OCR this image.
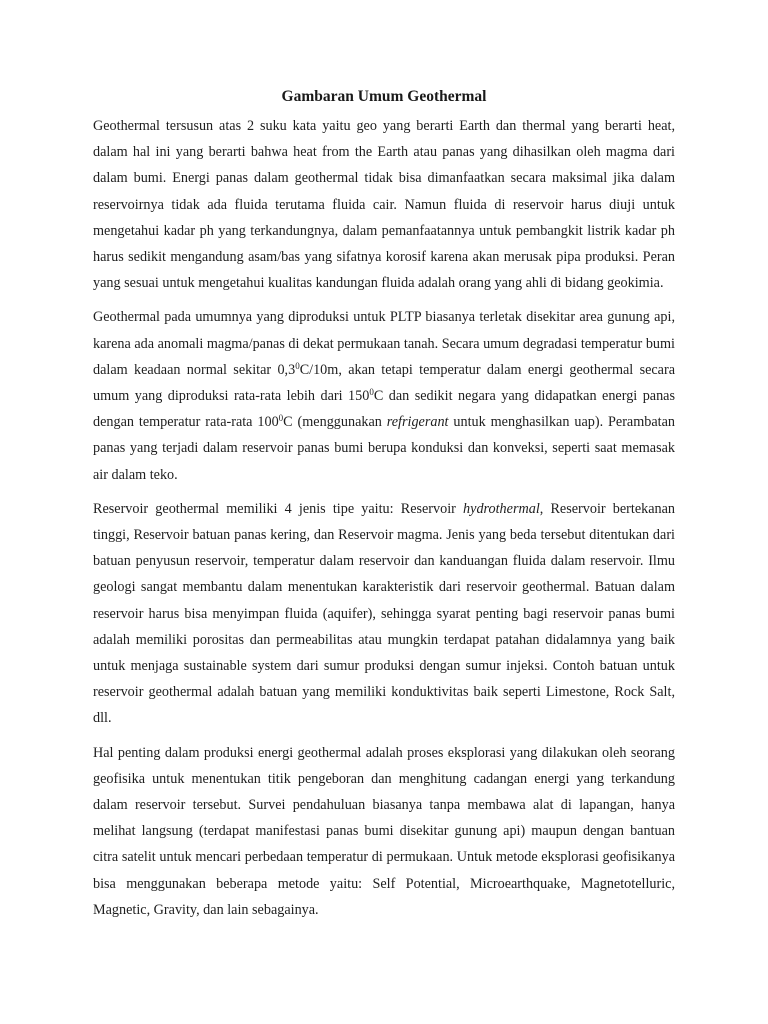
Gambaran Umum Geothermal

Geothermal tersusun atas 2 suku kata yaitu geo yang berarti Earth dan thermal yang berarti heat, dalam hal ini yang berarti bahwa heat from the Earth atau panas yang dihasilkan oleh magma dari dalam bumi. Energi panas dalam geothermal tidak bisa dimanfaatkan secara maksimal jika dalam reservoirnya tidak ada fluida terutama fluida cair. Namun fluida di reservoir harus diuji untuk mengetahui kadar ph yang terkandungnya, dalam pemanfaatannya untuk pembangkit listrik kadar ph harus sedikit mengandung asam/bas yang sifatnya korosif karena akan merusak pipa produksi. Peran yang sesuai untuk mengetahui kualitas kandungan fluida adalah orang yang ahli di bidang geokimia.

Geothermal pada umumnya yang diproduksi untuk PLTP biasanya terletak disekitar area gunung api, karena ada anomali magma/panas di dekat permukaan tanah. Secara umum degradasi temperatur bumi dalam keadaan normal sekitar $0,3^0C/10m$, akan tetapi temperatur dalam energi geothermal secara umum yang diproduksi rata-rata lebih dari $150^0C$ dan sedikit negara yang didapatkan energi panas dengan temperatur rata-rata $100^0C$ (menggunakan refrigerant untuk menghasilkan uap). Perambatan panas yang terjadi dalam reservoir panas bumi berupa konduksi dan konveksi, seperti saat memasak air dalam teko.

Reservoir geothermal memiliki 4 jenis tipe yaitu: Reservoir hydrothermal, Reservoir bertekanan tinggi, Reservoir batuan panas kering, dan Reservoir magma. Jenis yang beda tersebut ditentukan dari batuan penyusun reservoir, temperatur dalam reservoir dan kanduangan fluida dalam reservoir. Ilmu geologi sangat membantu dalam menentukan karakteristik dari reservoir geothermal. Batuan dalam reservoir harus bisa menyimpan fluida (aquifer), sehingga syarat penting bagi reservoir panas bumi adalah memiliki porositas dan permeabilitas atau mungkin terdapat patahan didalamnya yang baik untuk menjaga sustainable system dari sumur produksi dengan sumur injeksi. Contoh batuan untuk reservoir geothermal adalah batuan yang memiliki konduktivitas baik seperti Limestone, Rock Salt, dll.

Hal penting dalam produksi energi geothermal adalah proses eksplorasi yang dilakukan oleh seorang geofisika untuk menentukan titik pengeboran dan menghitung cadangan energi yang terkandung dalam reservoir tersebut. Survei pendahuluan biasanya tanpa membawa alat di lapangan, hanya melihat langsung (terdapat manifestasi panas bumi disekitar gunung api) maupun dengan bantuan citra satelit untuk mencari perbedaan temperatur di permukaan. Untuk metode eksplorasi geofisikanya bisa menggunakan beberapa metode yaitu: Self Potential, Microearthquake, Magnetotelluric, Magnetic, Gravity, dan lain sebagainya.
